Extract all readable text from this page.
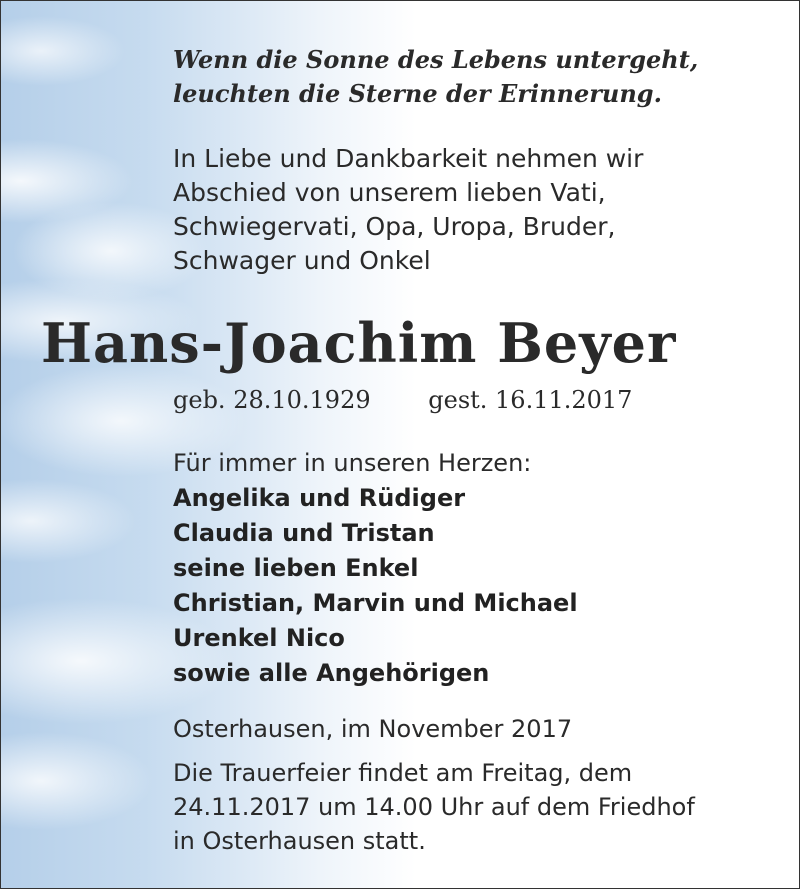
Wenn die Sonne des Lebens untergeht,
leuchten die Sterne der Erinnerung.

In Liebe und Dankbarkeit nehmen wir
Abschied von unserem lieben Vati,
Schwiegervati, Opa, Uropa, Bruder,
Schwager und Onkel

Hans-Joachim Beyer
geb. 28.10.1929 gest. 16.11.2017
Für immer in unseren Herzen:
Angelika und Rüdiger
Claudia und Tristan
seine lieben Enkel
Christian, Marvin und Michael
Urenkel Nico
sowie alle Angehörigen
Osterhausen, im November 2017
Die Trauerfeier findet am Freitag, dem
24.11.2017 um 14.00 Uhr auf dem Friedhof
in Osterhausen statt.
